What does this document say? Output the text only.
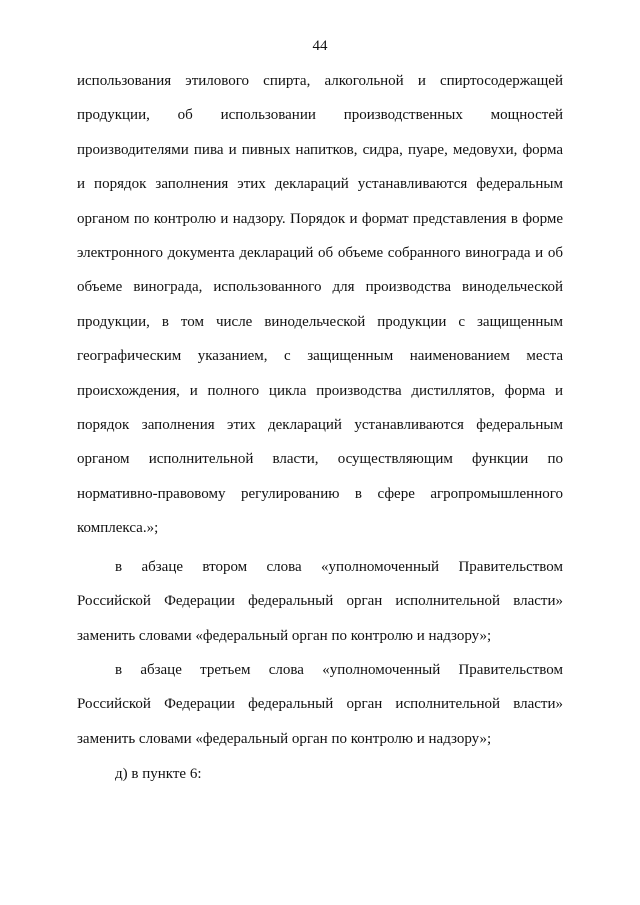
44
использования этилового спирта, алкогольной и спиртосодержащей
продукции, об использовании производственных мощностей
производителями пива и пивных напитков, сидра, пуаре, медовухи, форма
и порядок заполнения этих деклараций устанавливаются федеральным
органом по контролю и надзору. Порядок и формат представления в форме
электронного документа деклараций об объеме собранного винограда и об
объеме винограда, использованного для производства винодельческой
продукции, в том числе винодельческой продукции с защищенным
географическим указанием, с защищенным наименованием места
происхождения, и полного цикла производства дистиллятов, форма и
порядок заполнения этих деклараций устанавливаются федеральным
органом исполнительной власти, осуществляющим функции по
нормативно-правовому регулированию в сфере агропромышленного
комплекса.»;
в абзаце втором слова «уполномоченный Правительством
Российской Федерации федеральный орган исполнительной власти»
заменить словами «федеральный орган по контролю и надзору»;
в абзаце третьем слова «уполномоченный Правительством
Российской Федерации федеральный орган исполнительной власти»
заменить словами «федеральный орган по контролю и надзору»;
д) в пункте 6:
